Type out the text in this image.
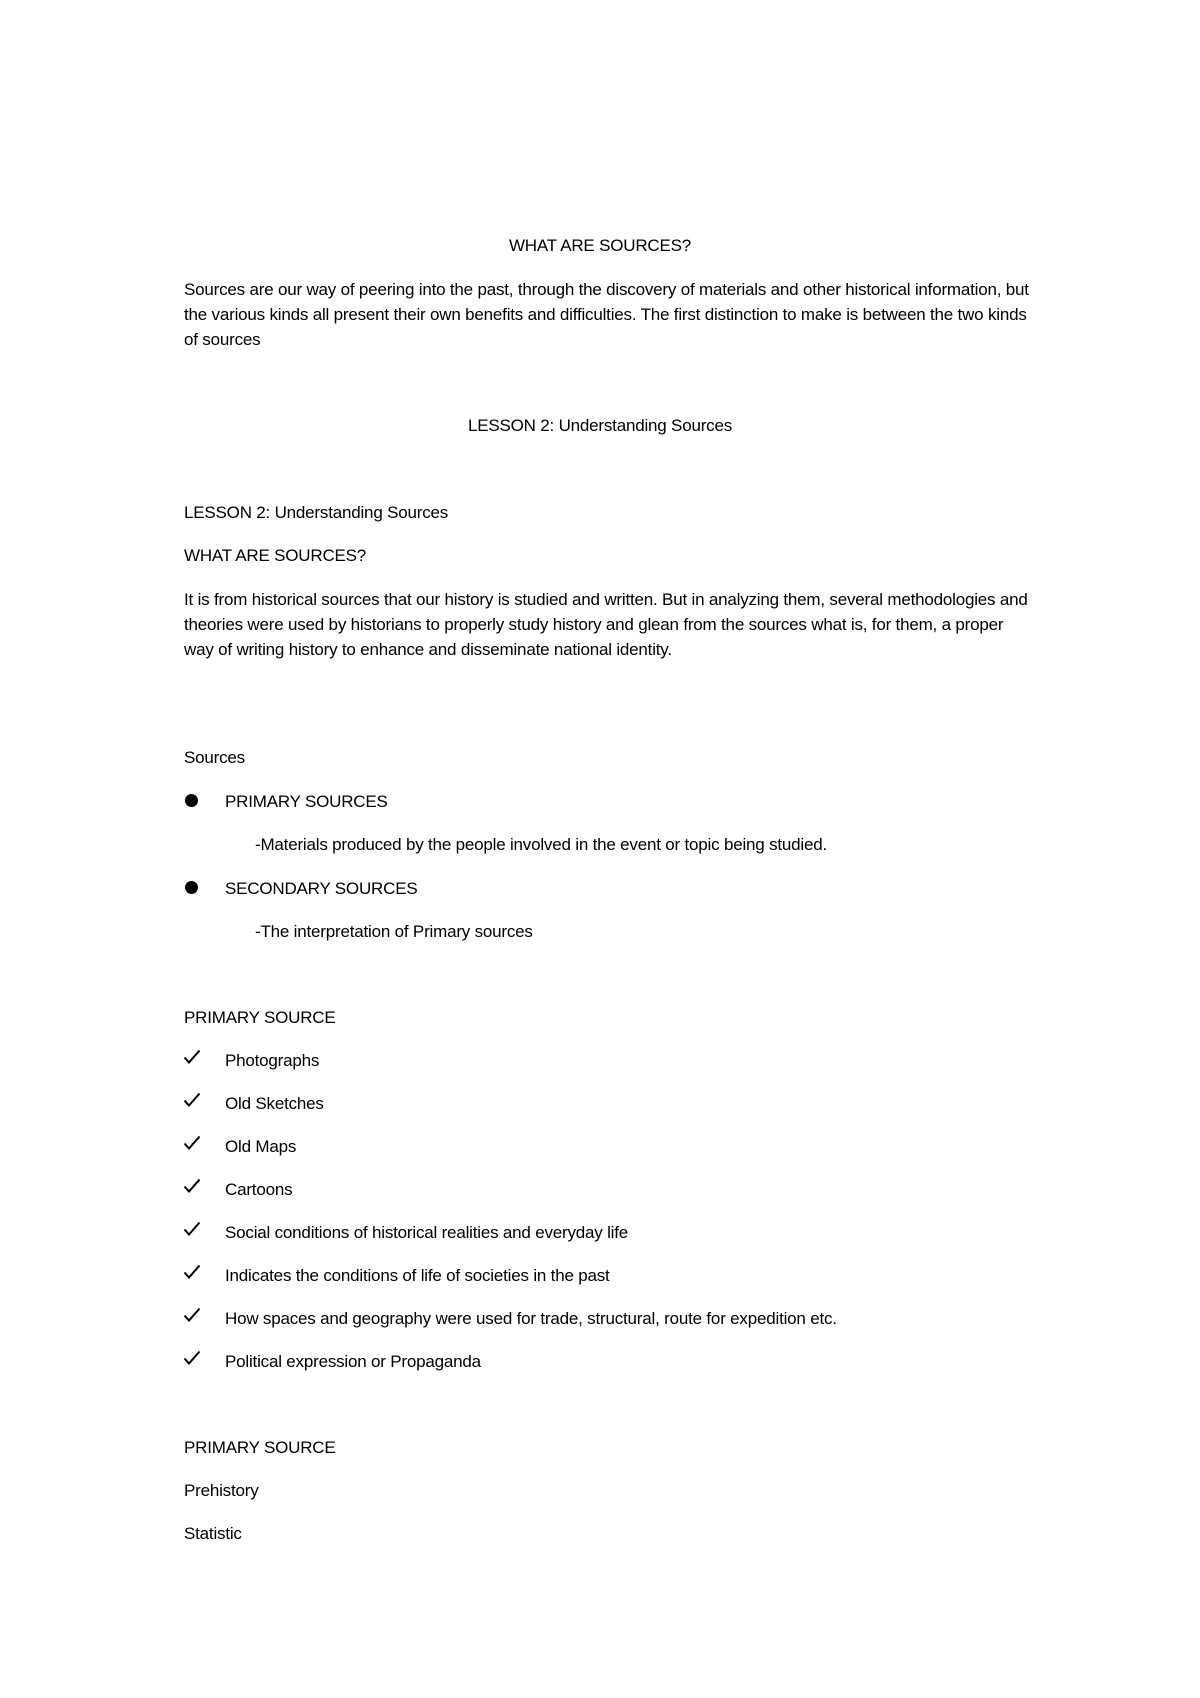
WHAT ARE SOURCES?

Sources are our way of peering into the past, through the discovery of materials and other historical information, but the various kinds all present their own benefits and difficulties. The first distinction to make is between the two kinds of sources

LESSON 2: Understanding Sources

LESSON 2: Understanding Sources

WHAT ARE SOURCES?

It is from historical sources that our history is studied and written. But in analyzing them, several methodologies and theories were used by historians to properly study history and glean from the sources what is, for them, a proper way of writing history to enhance and disseminate national identity.

Sources

PRIMARY SOURCES

-Materials produced by the people involved in the event or topic being studied.

SECONDARY SOURCES

-The interpretation of Primary sources

PRIMARY SOURCE

Photographs

Old Sketches

Old Maps

Cartoons

Social conditions of historical realities and everyday life

Indicates the conditions of life of societies in the past

How spaces and geography were used for trade, structural, route for expedition etc.

Political expression or Propaganda

PRIMARY SOURCE

Prehistory

Statistic
